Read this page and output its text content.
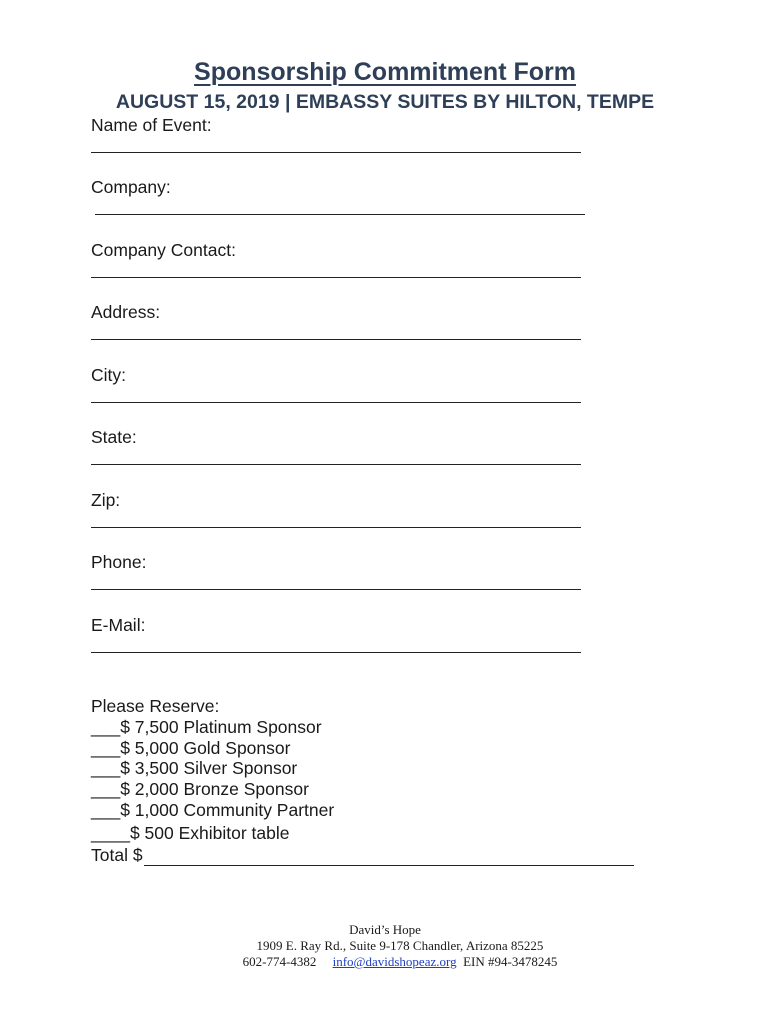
Sponsorship Commitment Form
AUGUST 15, 2019 | EMBASSY SUITES BY HILTON, TEMPE
Name of Event:
Company:
Company Contact:
Address:
City:
State:
Zip:
Phone:
E-Mail:
Please Reserve:
___$ 7,500 Platinum Sponsor
___$ 5,000 Gold Sponsor
___$ 3,500 Silver Sponsor
___$ 2,000 Bronze Sponsor
___$ 1,000 Community Partner
____$ 500 Exhibitor table
Total $
David’s Hope
1909 E. Ray Rd., Suite 9-178 Chandler, Arizona 85225
602-774-4382 info@davidshopeaz.org EIN #94-3478245
